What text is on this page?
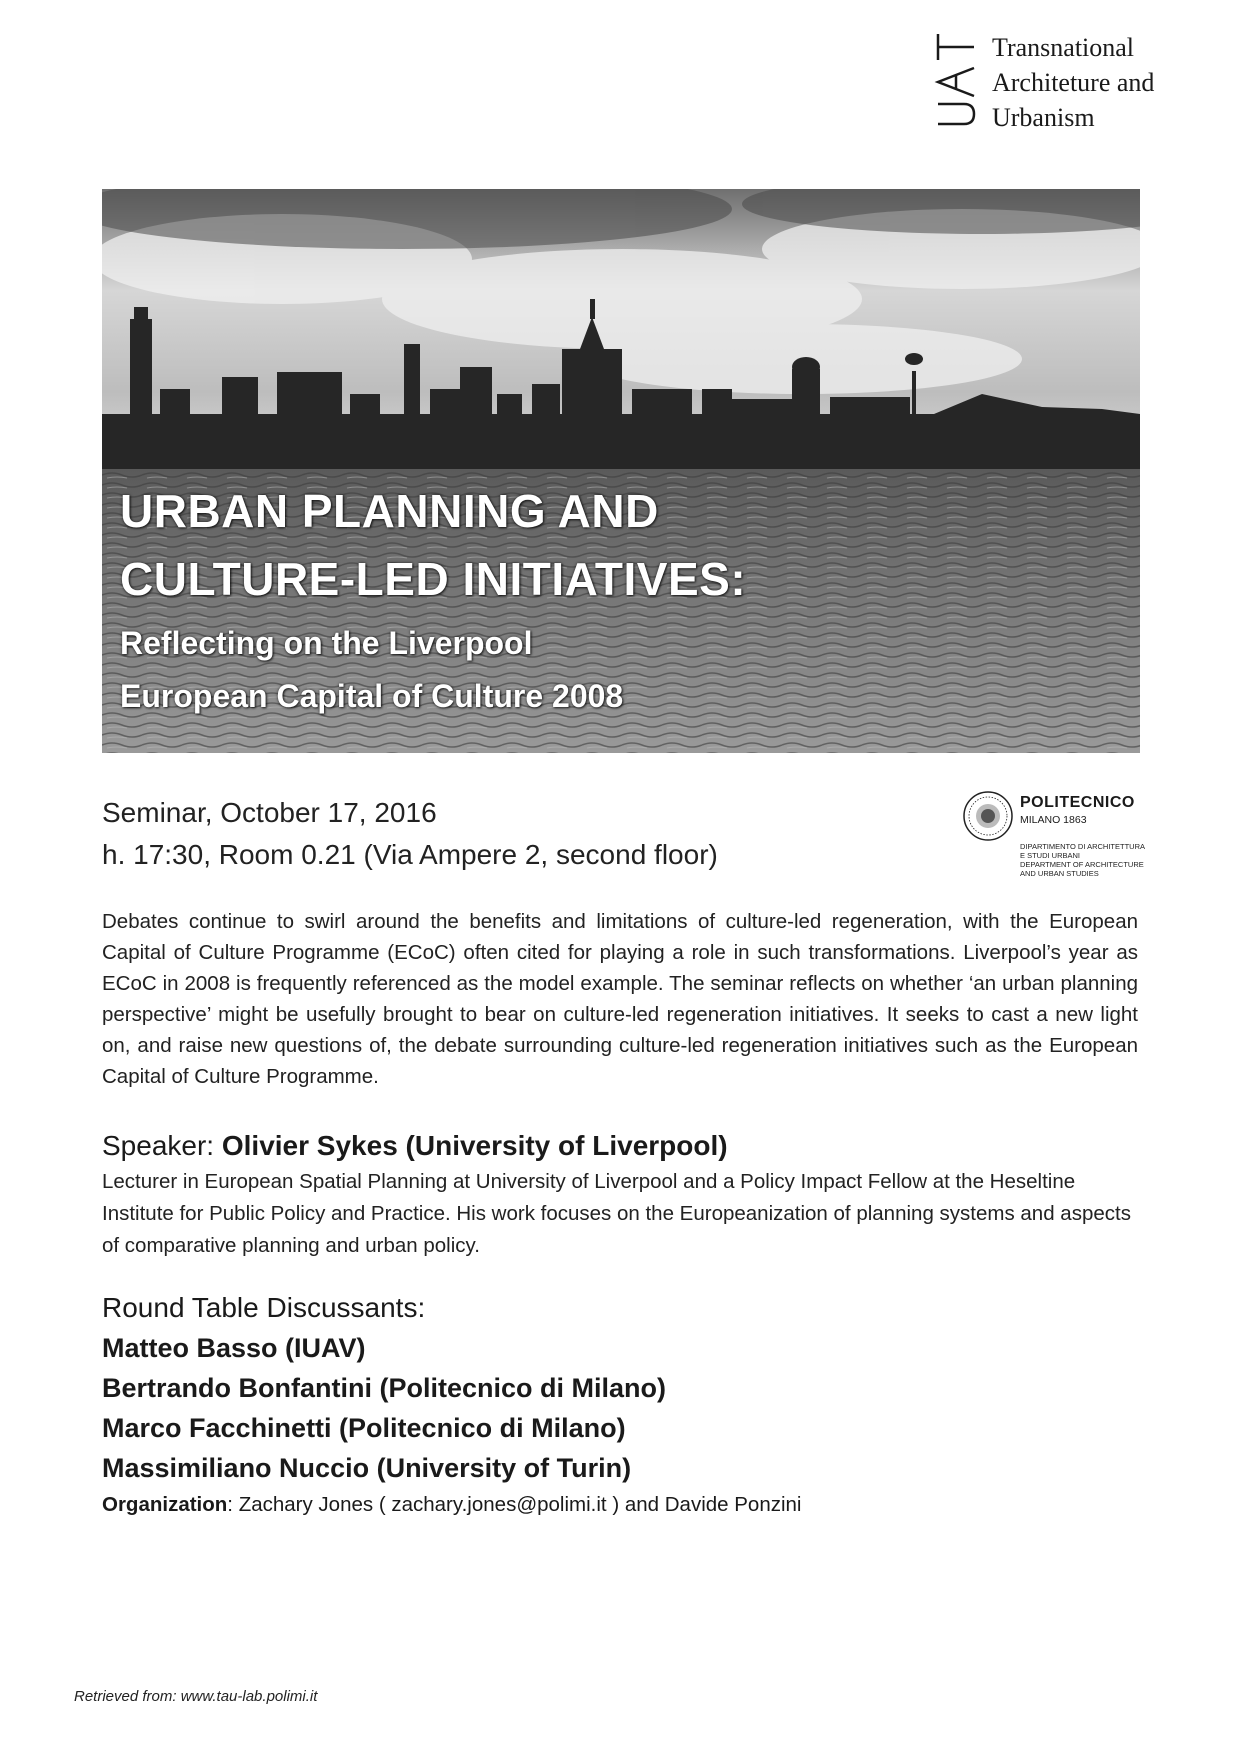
Transnational
Architeture and
Urbanism
URBAN PLANNING AND
CULTURE-LED INITIATIVES:
Reflecting on the Liverpool
European Capital of Culture 2008
Seminar, October 17, 2016
h. 17:30, Room 0.21 (Via Ampere 2, second floor)
POLITECNICO
MILANO 1863
DIPARTIMENTO DI ARCHITETTURA
E STUDI URBANI
DEPARTMENT OF ARCHITECTURE
AND URBAN STUDIES
Debates continue to swirl around the benefits and limitations of culture-led regeneration, with the European Capital of Culture Programme (ECoC) often cited for playing a role in such transformations. Liverpool’s year as ECoC in 2008 is frequently referenced as the model example. The seminar reflects on whether ‘an urban planning perspective’ might be usefully brought to bear on culture-led regeneration initiatives. It seeks to cast a new light on, and raise new questions of, the debate surrounding culture-led regeneration initiatives such as the European Capital of Culture Programme.
Speaker: Olivier Sykes (University of Liverpool)
Lecturer in European Spatial Planning at University of Liverpool and a Policy Impact Fellow at the Heseltine Institute for Public Policy and Practice. His work focuses on the Europeanization of planning systems and aspects of comparative planning and urban policy.
Round Table Discussants:
Matteo Basso (IUAV)
Bertrando Bonfantini (Politecnico di Milano)
Marco Facchinetti (Politecnico di Milano)
Massimiliano Nuccio (University of Turin)
Organization: Zachary Jones ( zachary.jones@polimi.it ) and Davide Ponzini
Retrieved from: www.tau-lab.polimi.it
